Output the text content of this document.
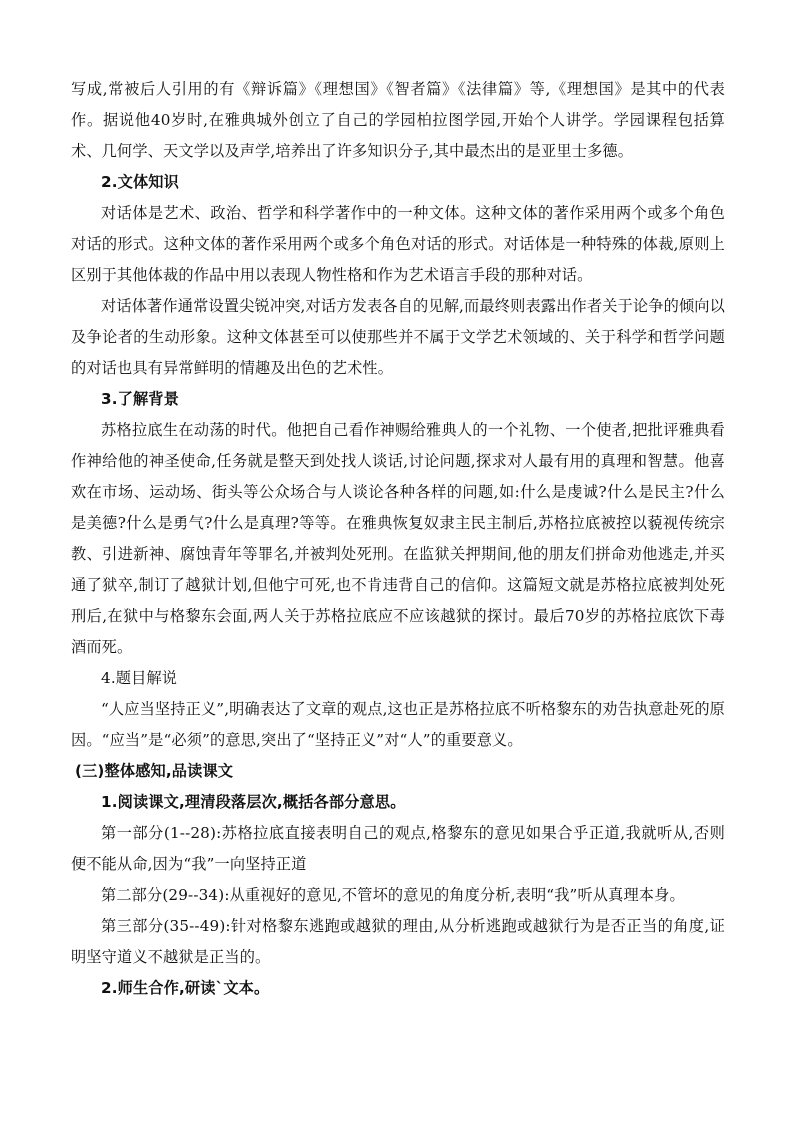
写成,常被后人引用的有《辩诉篇》《理想国》《智者篇》《法律篇》等,《理想国》是其中的代表作。据说他40岁时,在雅典城外创立了自己的学园柏拉图学园,开始个人讲学。学园课程包括算术、几何学、天文学以及声学,培养出了许多知识分子,其中最杰出的是亚里士多德。

2.文体知识

对话体是艺术、政治、哲学和科学著作中的一种文体。这种文体的著作采用两个或多个角色对话的形式。这种文体的著作采用两个或多个角色对话的形式。对话体是一种特殊的体裁,原则上区别于其他体裁的作品中用以表现人物性格和作为艺术语言手段的那种对话。

对话体著作通常设置尖锐冲突,对话方发表各自的见解,而最终则表露出作者关于论争的倾向以及争论者的生动形象。这种文体甚至可以使那些并不属于文学艺术领域的、关于科学和哲学问题的对话也具有异常鲜明的情趣及出色的艺术性。

3.了解背景

苏格拉底生在动荡的时代。他把自己看作神赐给雅典人的一个礼物、一个使者,把批评雅典看作神给他的神圣使命,任务就是整天到处找人谈话,讨论问题,探求对人最有用的真理和智慧。他喜欢在市场、运动场、街头等公众场合与人谈论各种各样的问题,如:什么是虔诚?什么是民主?什么是美德?什么是勇气?什么是真理?等等。在雅典恢复奴隶主民主制后,苏格拉底被控以藐视传统宗教、引进新神、腐蚀青年等罪名,并被判处死刑。在监狱关押期间,他的朋友们拼命劝他逃走,并买通了狱卒,制订了越狱计划,但他宁可死,也不肯违背自己的信仰。这篇短文就是苏格拉底被判处死刑后,在狱中与格黎东会面,两人关于苏格拉底应不应该越狱的探讨。最后70岁的苏格拉底饮下毒酒而死。

4.题目解说

“人应当坚持正义”,明确表达了文章的观点,这也正是苏格拉底不听格黎东的劝告执意赴死的原因。“应当”是“必须”的意思,突出了“坚持正义”对“人”的重要意义。

(三)整体感知,品读课文

1.阅读课文,理清段落层次,概括各部分意思。

第一部分(1--28):苏格拉底直接表明自己的观点,格黎东的意见如果合乎正道,我就听从,否则便不能从命,因为“我”一向坚持正道

第二部分(29--34):从重视好的意见,不管坏的意见的角度分析,表明“我”听从真理本身。

第三部分(35--49):针对格黎东逃跑或越狱的理由,从分析逃跑或越狱行为是否正当的角度,证明坚守道义不越狱是正当的。

2.师生合作,研读`文本。
